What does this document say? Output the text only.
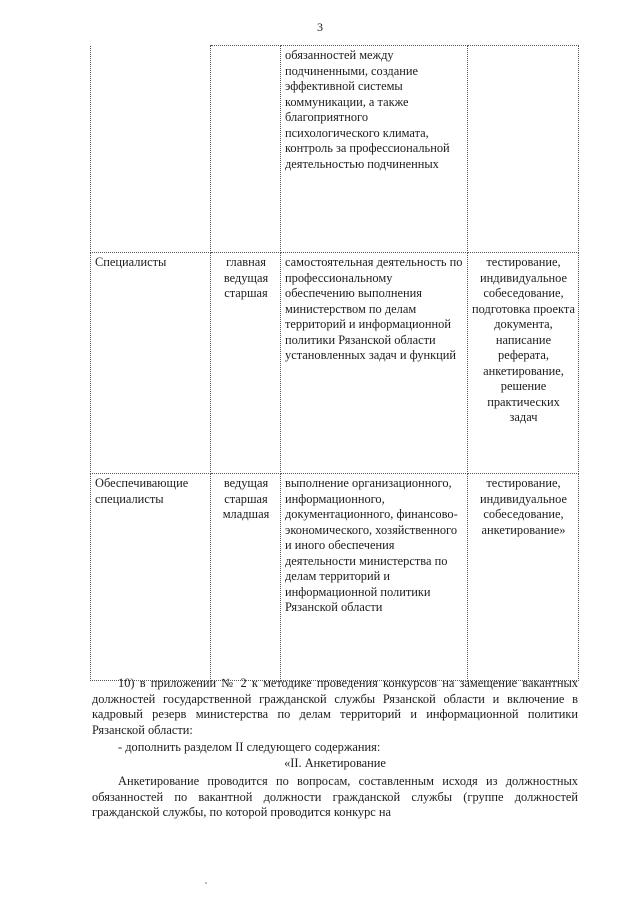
3
		обязанностей между подчиненными, создание эффективной системы коммуникации, а также благоприятного психологического климата, контроль за профессиональной деятельностью подчиненных	
Специалисты	главная ведущая старшая	самостоятельная деятельность по профессиональному обеспечению выполнения министерством по делам территорий и информационной политики Рязанской области установленных задач и функций	тестирование, индивидуальное собеседование, подготовка проекта документа, написание реферата, анкетирование, решение практических задач
Обеспечивающие специалисты	ведущая старшая младшая	выполнение организационного, информационного, документационного, финансово-экономического, хозяйственного и иного обеспечения деятельности министерства по делам территорий и информационной политики Рязанской области	тестирование, индивидуальное собеседование, анкетирование»
10) в приложении № 2 к методике проведения конкурсов на замещение вакантных должностей государственной гражданской службы Рязанской области и включение в кадровый резерв министерства по делам территорий и информационной политики Рязанской области:
- дополнить разделом II следующего содержания:
«II. Анкетирование
Анкетирование проводится по вопросам, составленным исходя из должностных обязанностей по вакантной должности гражданской службы (группе должностей гражданской службы, по которой проводится конкурс на
